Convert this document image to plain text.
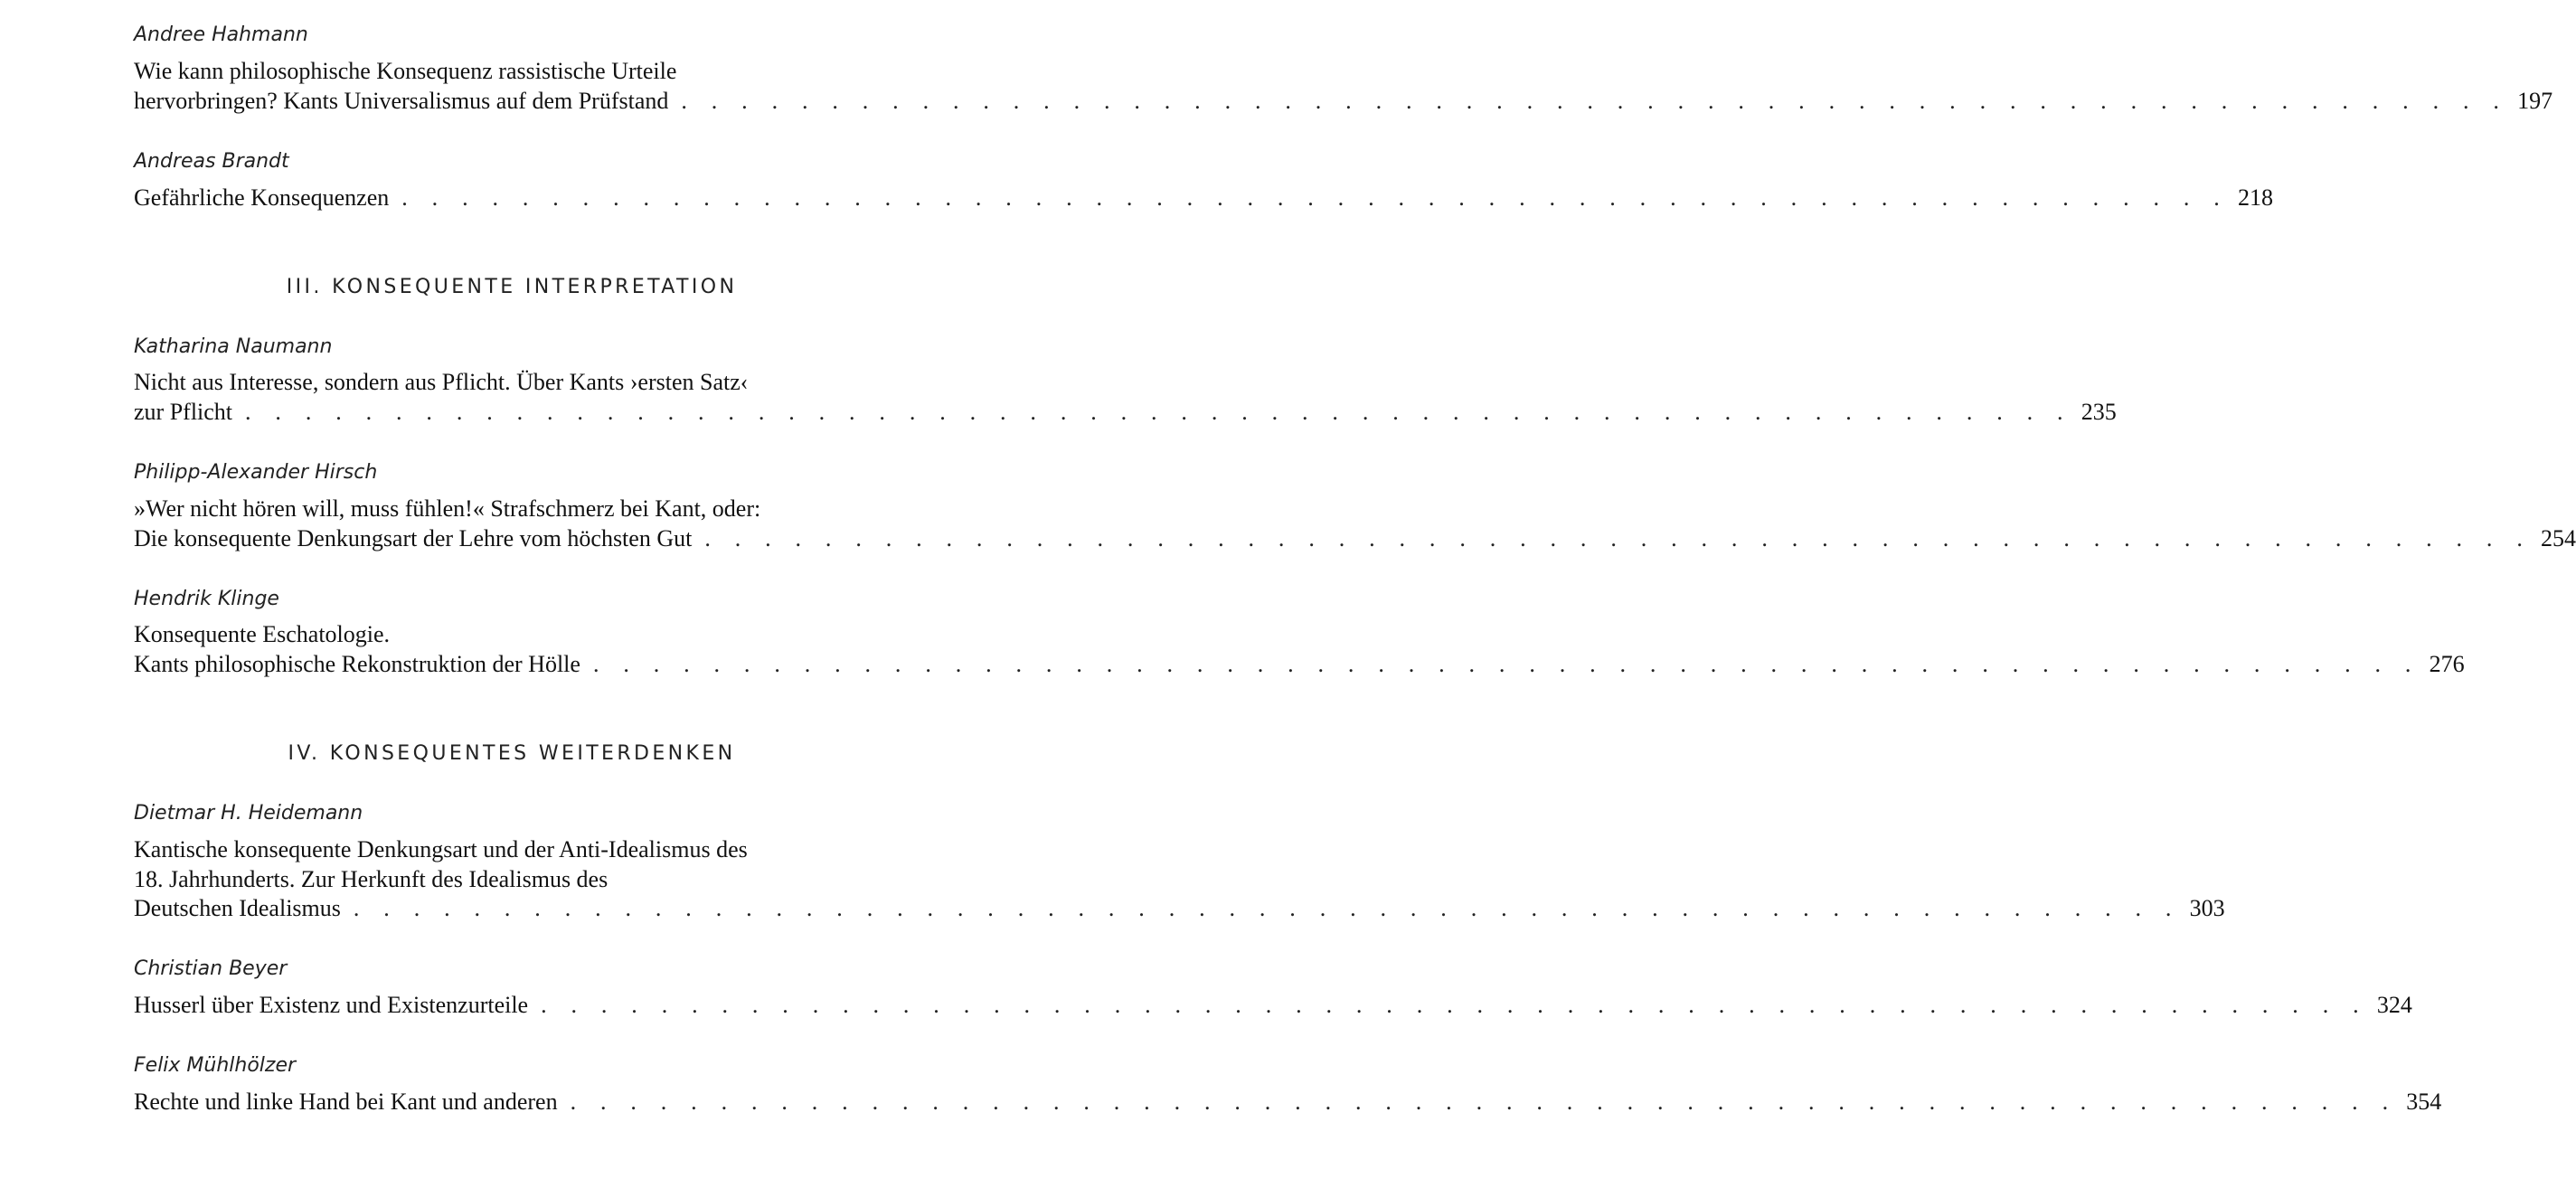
Andree Hahmann
Wie kann philosophische Konsequenz rassistische Urteile
hervorbringen? Kants Universalismus auf dem Prüfstand . . . . . . . . . . . . . . . . . . . . . . . . . . . . . . . . . . . . . . . . . . . . . . . . . . . . . . . . . . . . . 197
Andreas Brandt
Gefährliche Konsequenzen . . . . . . . . . . . . . . . . . . . . . . . . . . . . . . . . . . . . . . . . . . . . . . . . . . . . . . . . . . . . . 218
III. KONSEQUENTE INTERPRETATION
Katharina Naumann
Nicht aus Interesse, sondern aus Pflicht. Über Kants ›ersten Satz‹
zur Pflicht . . . . . . . . . . . . . . . . . . . . . . . . . . . . . . . . . . . . . . . . . . . . . . . . . . . . . . . . . . . . . 235
Philipp-Alexander Hirsch
»Wer nicht hören will, muss fühlen!« Strafschmerz bei Kant, oder:
Die konsequente Denkungsart der Lehre vom höchsten Gut . . . . . . . . . . . . . . . . . . . . . . . . . . . . . . . . . . . . . . . . . . . . . . . . . . . . . . . . . . . . . 254
Hendrik Klinge
Konsequente Eschatologie.
Kants philosophische Rekonstruktion der Hölle . . . . . . . . . . . . . . . . . . . . . . . . . . . . . . . . . . . . . . . . . . . . . . . . . . . . . . . . . . . . . 276
IV. KONSEQUENTES WEITERDENKEN
Dietmar H. Heidemann
Kantische konsequente Denkungsart und der Anti-Idealismus des
18. Jahrhunderts. Zur Herkunft des Idealismus des
Deutschen Idealismus . . . . . . . . . . . . . . . . . . . . . . . . . . . . . . . . . . . . . . . . . . . . . . . . . . . . . . . . . . . . . 303
Christian Beyer
Husserl über Existenz und Existenzurteile . . . . . . . . . . . . . . . . . . . . . . . . . . . . . . . . . . . . . . . . . . . . . . . . . . . . . . . . . . . . . 324
Felix Mühlhölzer
Rechte und linke Hand bei Kant und anderen . . . . . . . . . . . . . . . . . . . . . . . . . . . . . . . . . . . . . . . . . . . . . . . . . . . . . . . . . . . . . 354
